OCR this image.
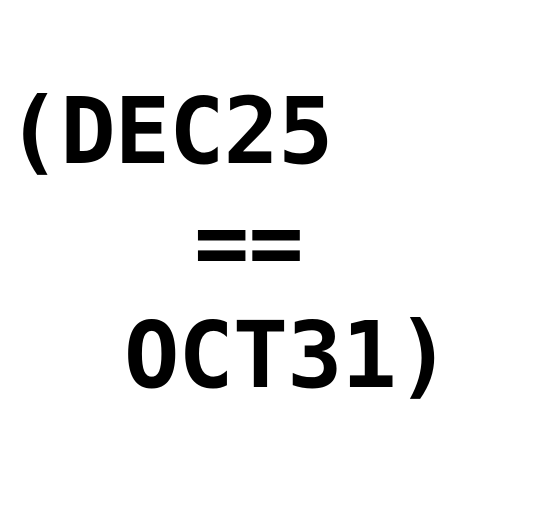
(DEC25
==
OCT31)
